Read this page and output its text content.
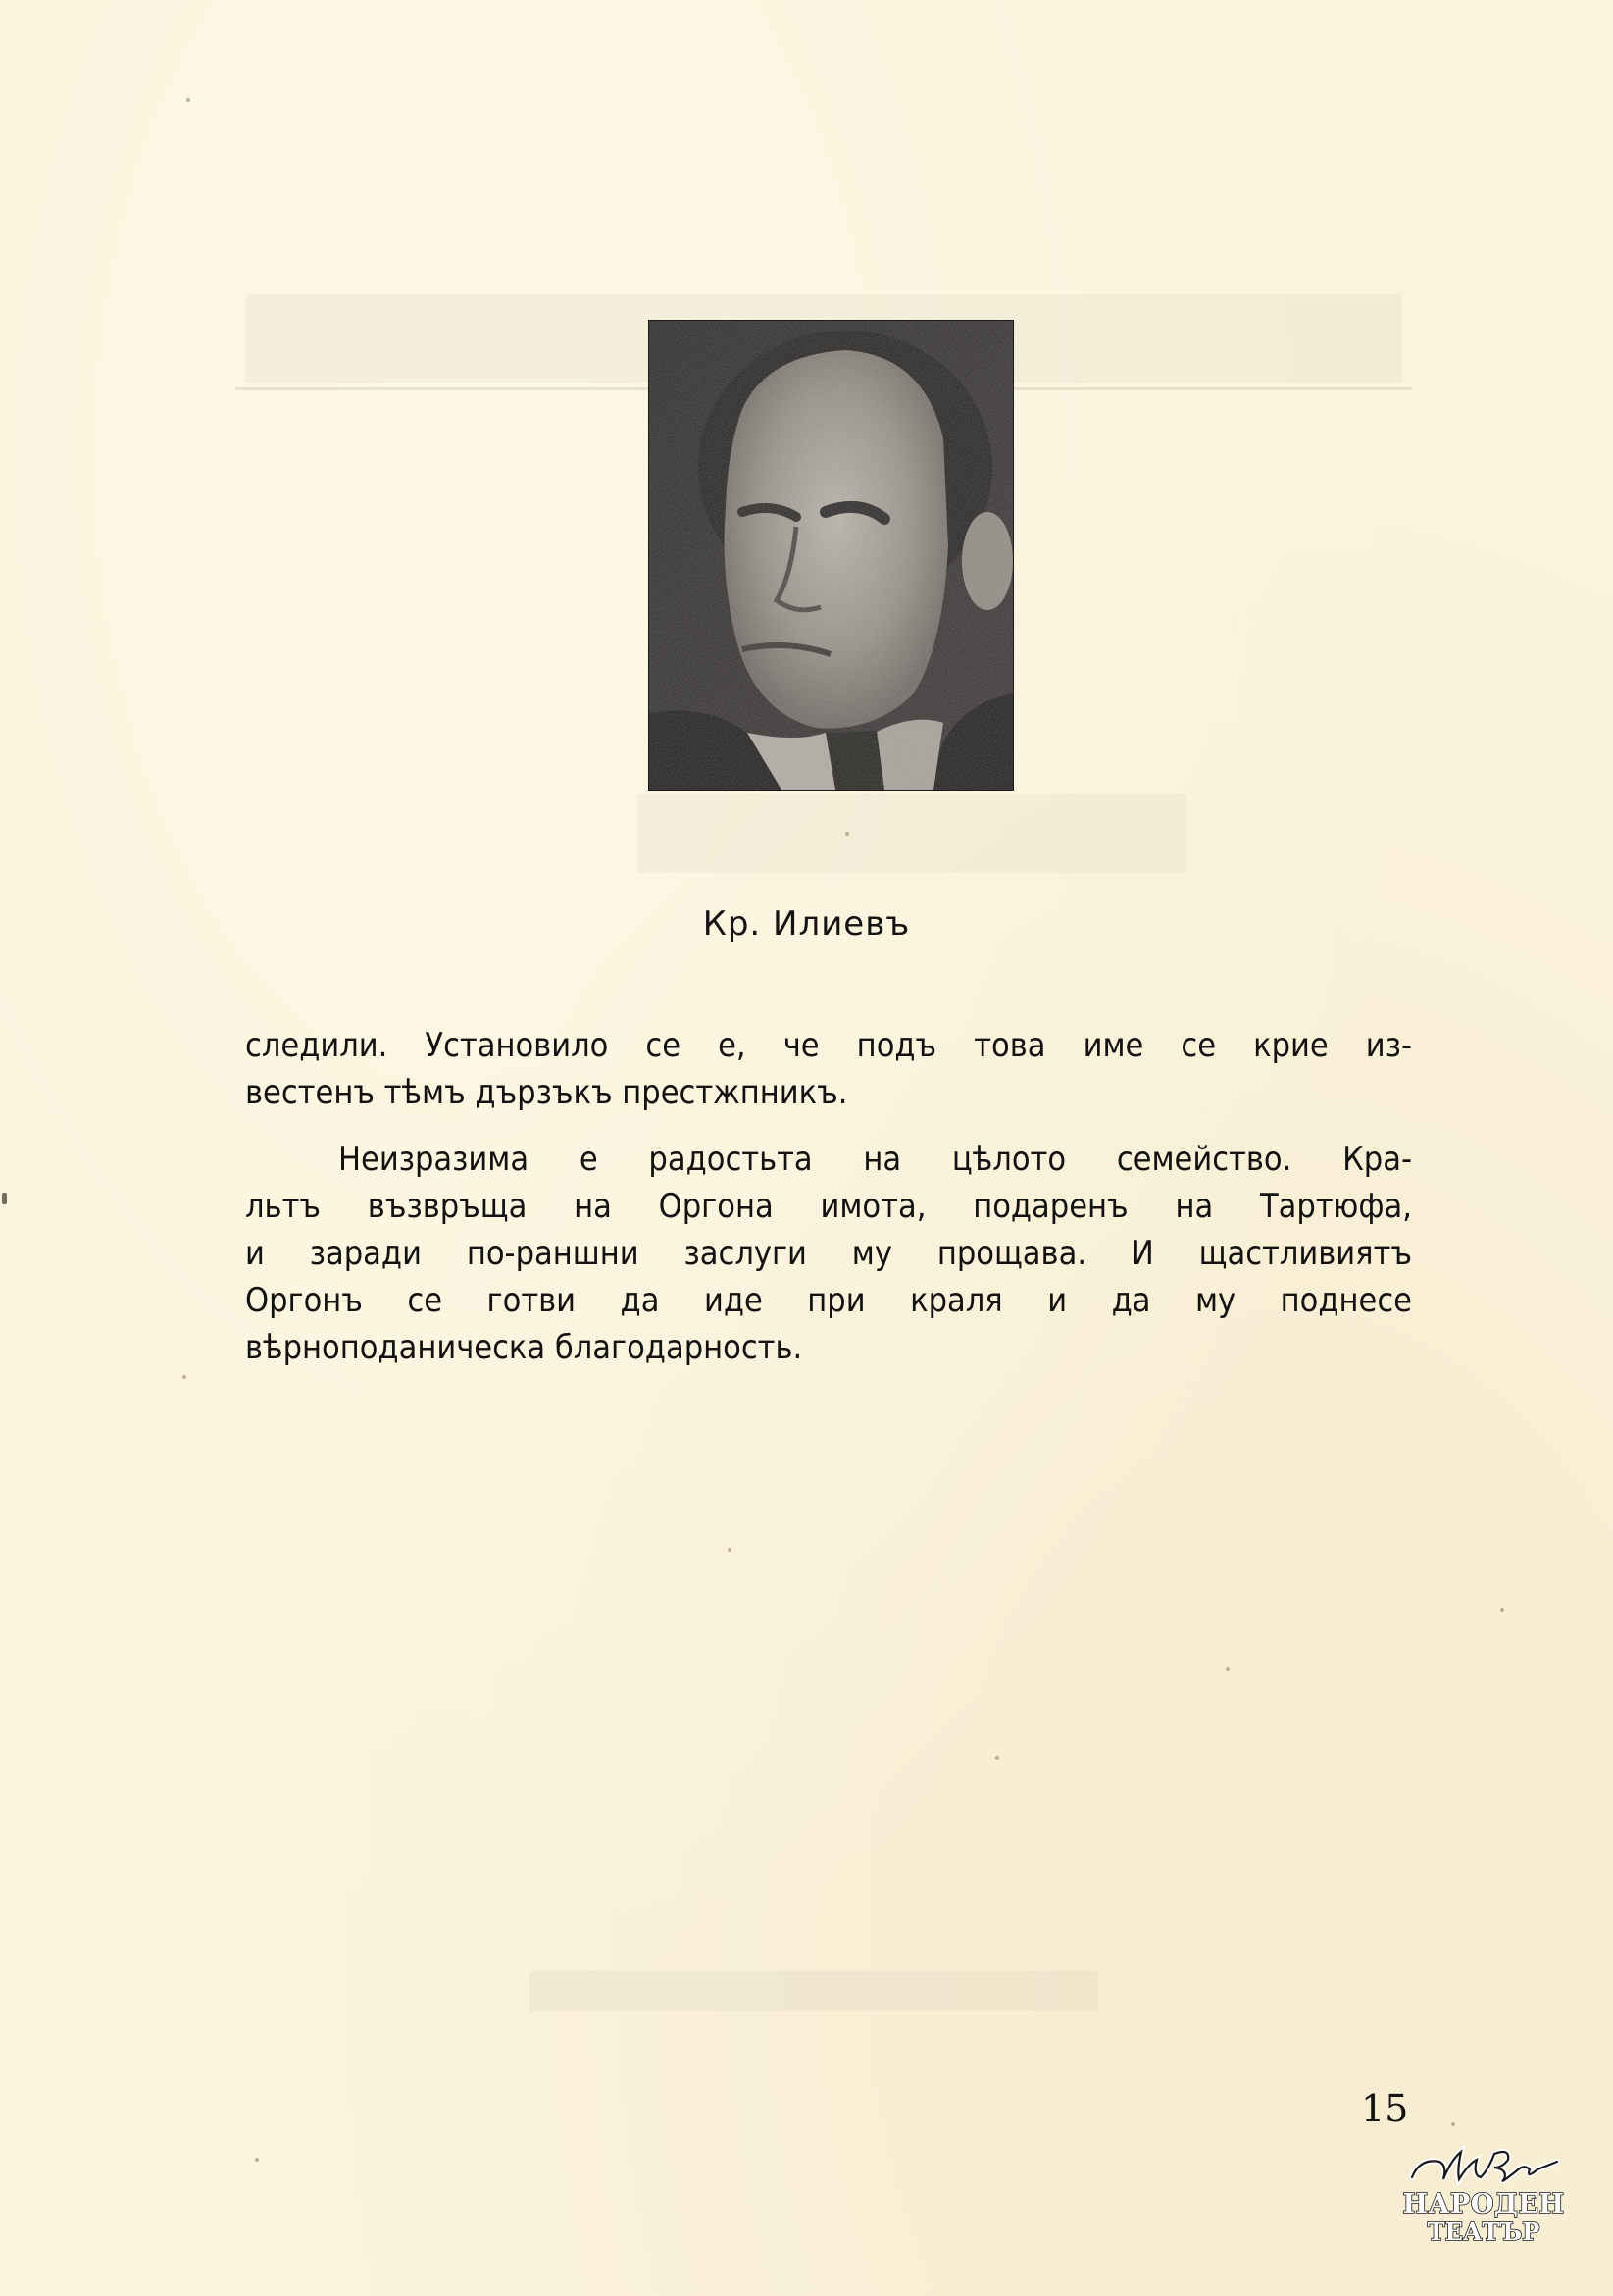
Кр. Илиевъ
следили. Установило се е, че подъ това име се крие из-
вестенъ тѣмъ дързъкъ престжпникъ.
Неизразима е радостьта на цѣлото семейство. Кра-
льтъ възвръща на Оргона имота, подаренъ на Тартюфа,
и заради по-раншни заслуги му прощава. И щастливиятъ
Оргонъ се готви да иде при краля и да му поднесе
вѣрноподаническа благодарность.
15
НАРОДЕН
ТЕАТЪР
